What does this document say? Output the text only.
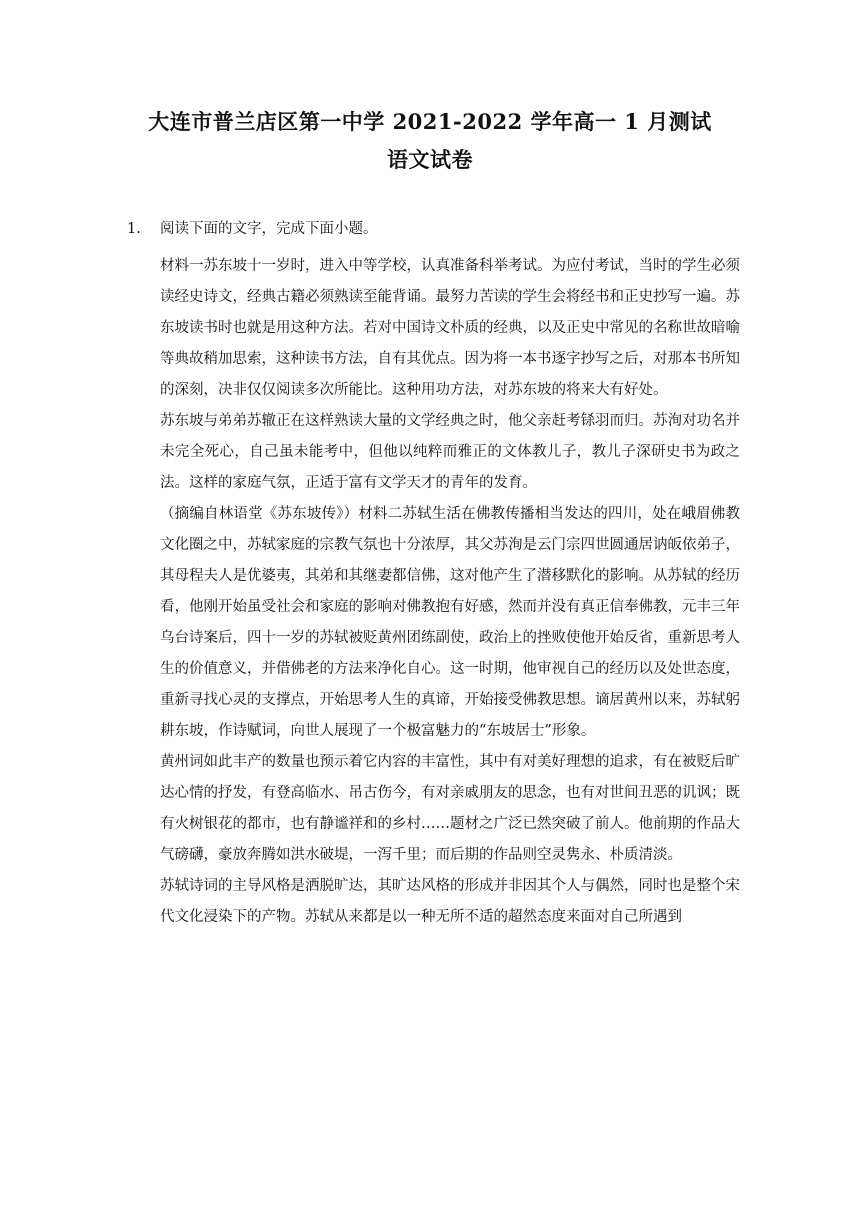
大连市普兰店区第一中学 2021-2022 学年高一 1 月测试
语文试卷
1. 阅读下面的文字，完成下面小题。

材料一苏东坡十一岁时，进入中等学校，认真准备科举考试。为应付考试，当时的学生必须读经史诗文，经典古籍必须熟读至能背诵。最努力苦读的学生会将经书和正史抄写一遍。苏东坡读书时也就是用这种方法。若对中国诗文朴质的经典，以及正史中常见的名称世故暗喻等典故稍加思索，这种读书方法，自有其优点。因为将一本书逐字抄写之后，对那本书所知的深刻，决非仅仅阅读多次所能比。这种用功方法，对苏东坡的将来大有好处。

苏东坡与弟弟苏辙正在这样熟读大量的文学经典之时，他父亲赶考铩羽而归。苏洵对功名并未完全死心，自己虽未能考中，但他以纯粹而雅正的文体教儿子，教儿子深研史书为政之法。这样的家庭气氛，正适于富有文学天才的青年的发育。

（摘编自林语堂《苏东坡传》）材料二苏轼生活在佛教传播相当发达的四川，处在峨眉佛教文化圈之中，苏轼家庭的宗教气氛也十分浓厚，其父苏洵是云门宗四世圆通居讷皈依弟子，其母程夫人是优婆夷，其弟和其继妻都信佛，这对他产生了潜移默化的影响。从苏轼的经历看，他刚开始虽受社会和家庭的影响对佛教抱有好感，然而并没有真正信奉佛教，元丰三年乌台诗案后，四十一岁的苏轼被贬黄州团练副使，政治上的挫败使他开始反省，重新思考人生的价值意义，并借佛老的方法来净化自心。这一时期，他审视自己的经历以及处世态度，重新寻找心灵的支撑点，开始思考人生的真谛，开始接受佛教思想。谪居黄州以来，苏轼躬耕东坡，作诗赋词，向世人展现了一个极富魅力的“东坡居士”形象。

黄州词如此丰产的数量也预示着它内容的丰富性，其中有对美好理想的追求，有在被贬后旷达心情的抒发，有登高临水、吊古伤今，有对亲戚朋友的思念，也有对世间丑恶的讥讽；既有火树银花的都市，也有静谧祥和的乡村……题材之广泛已然突破了前人。他前期的作品大气磅礴，豪放奔腾如洪水破堤，一泻千里；而后期的作品则空灵隽永、朴质清淡。

苏轼诗词的主导风格是洒脱旷达，其旷达风格的形成并非因其个人与偶然，同时也是整个宋代文化浸染下的产物。苏轼从来都是以一种无所不适的超然态度来面对自己所遇到
